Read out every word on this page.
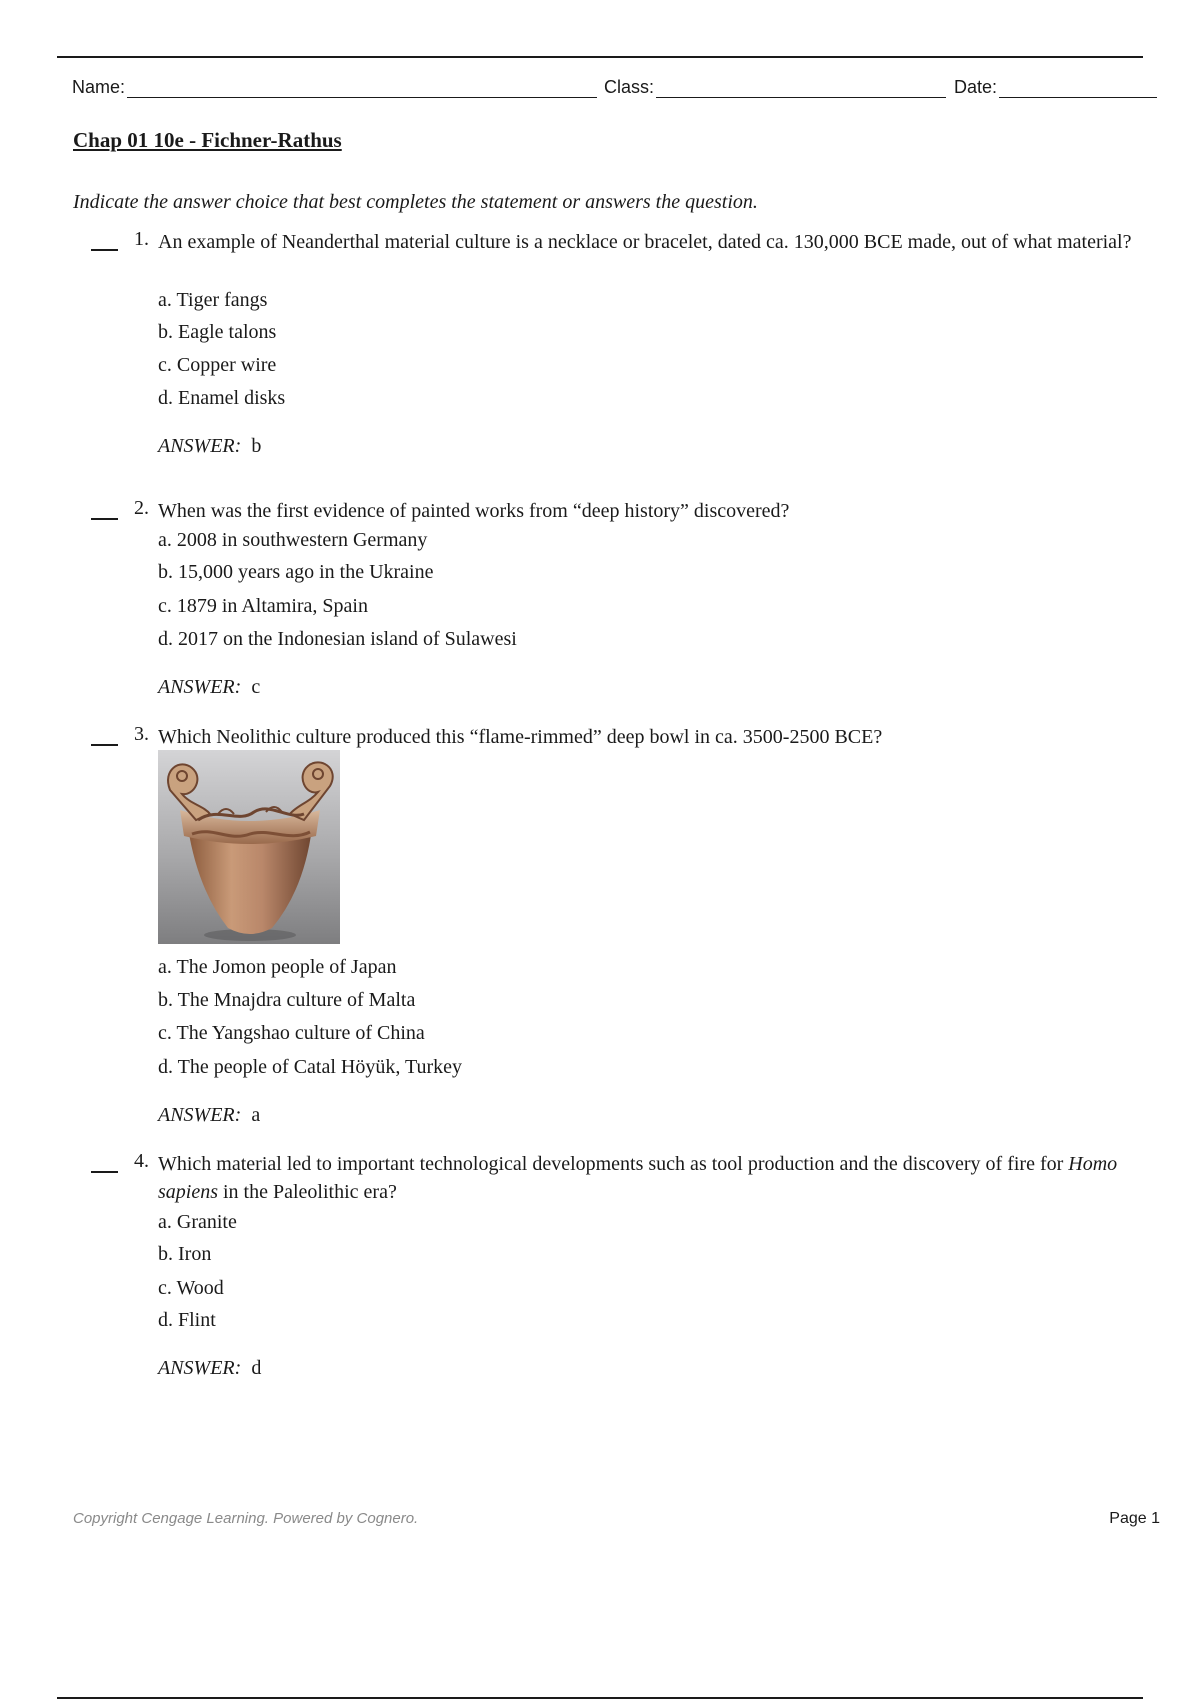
Name:	Class:	Date:
Chap 01 10e - Fichner-Rathus
Indicate the answer choice that best completes the statement or answers the question.
1. An example of Neanderthal material culture is a necklace or bracelet, dated ca. 130,000 BCE made, out of what material?
a. Tiger fangs
b. Eagle talons
c. Copper wire
d. Enamel disks
ANSWER: b
2. When was the first evidence of painted works from “deep history” discovered?
a. 2008 in southwestern Germany
b. 15,000 years ago in the Ukraine
c. 1879 in Altamira, Spain
d. 2017 on the Indonesian island of Sulawesi
ANSWER: c
3. Which Neolithic culture produced this “flame-rimmed” deep bowl in ca. 3500-2500 BCE?
a. The Jomon people of Japan
b. The Mnajdra culture of Malta
c. The Yangshao culture of China
d. The people of Catal Höyük, Turkey
ANSWER: a
4. Which material led to important technological developments such as tool production and the discovery of fire for Homo sapiens in the Paleolithic era?
a. Granite
b. Iron
c. Wood
d. Flint
ANSWER: d
Copyright Cengage Learning. Powered by Cognero.	Page 1
